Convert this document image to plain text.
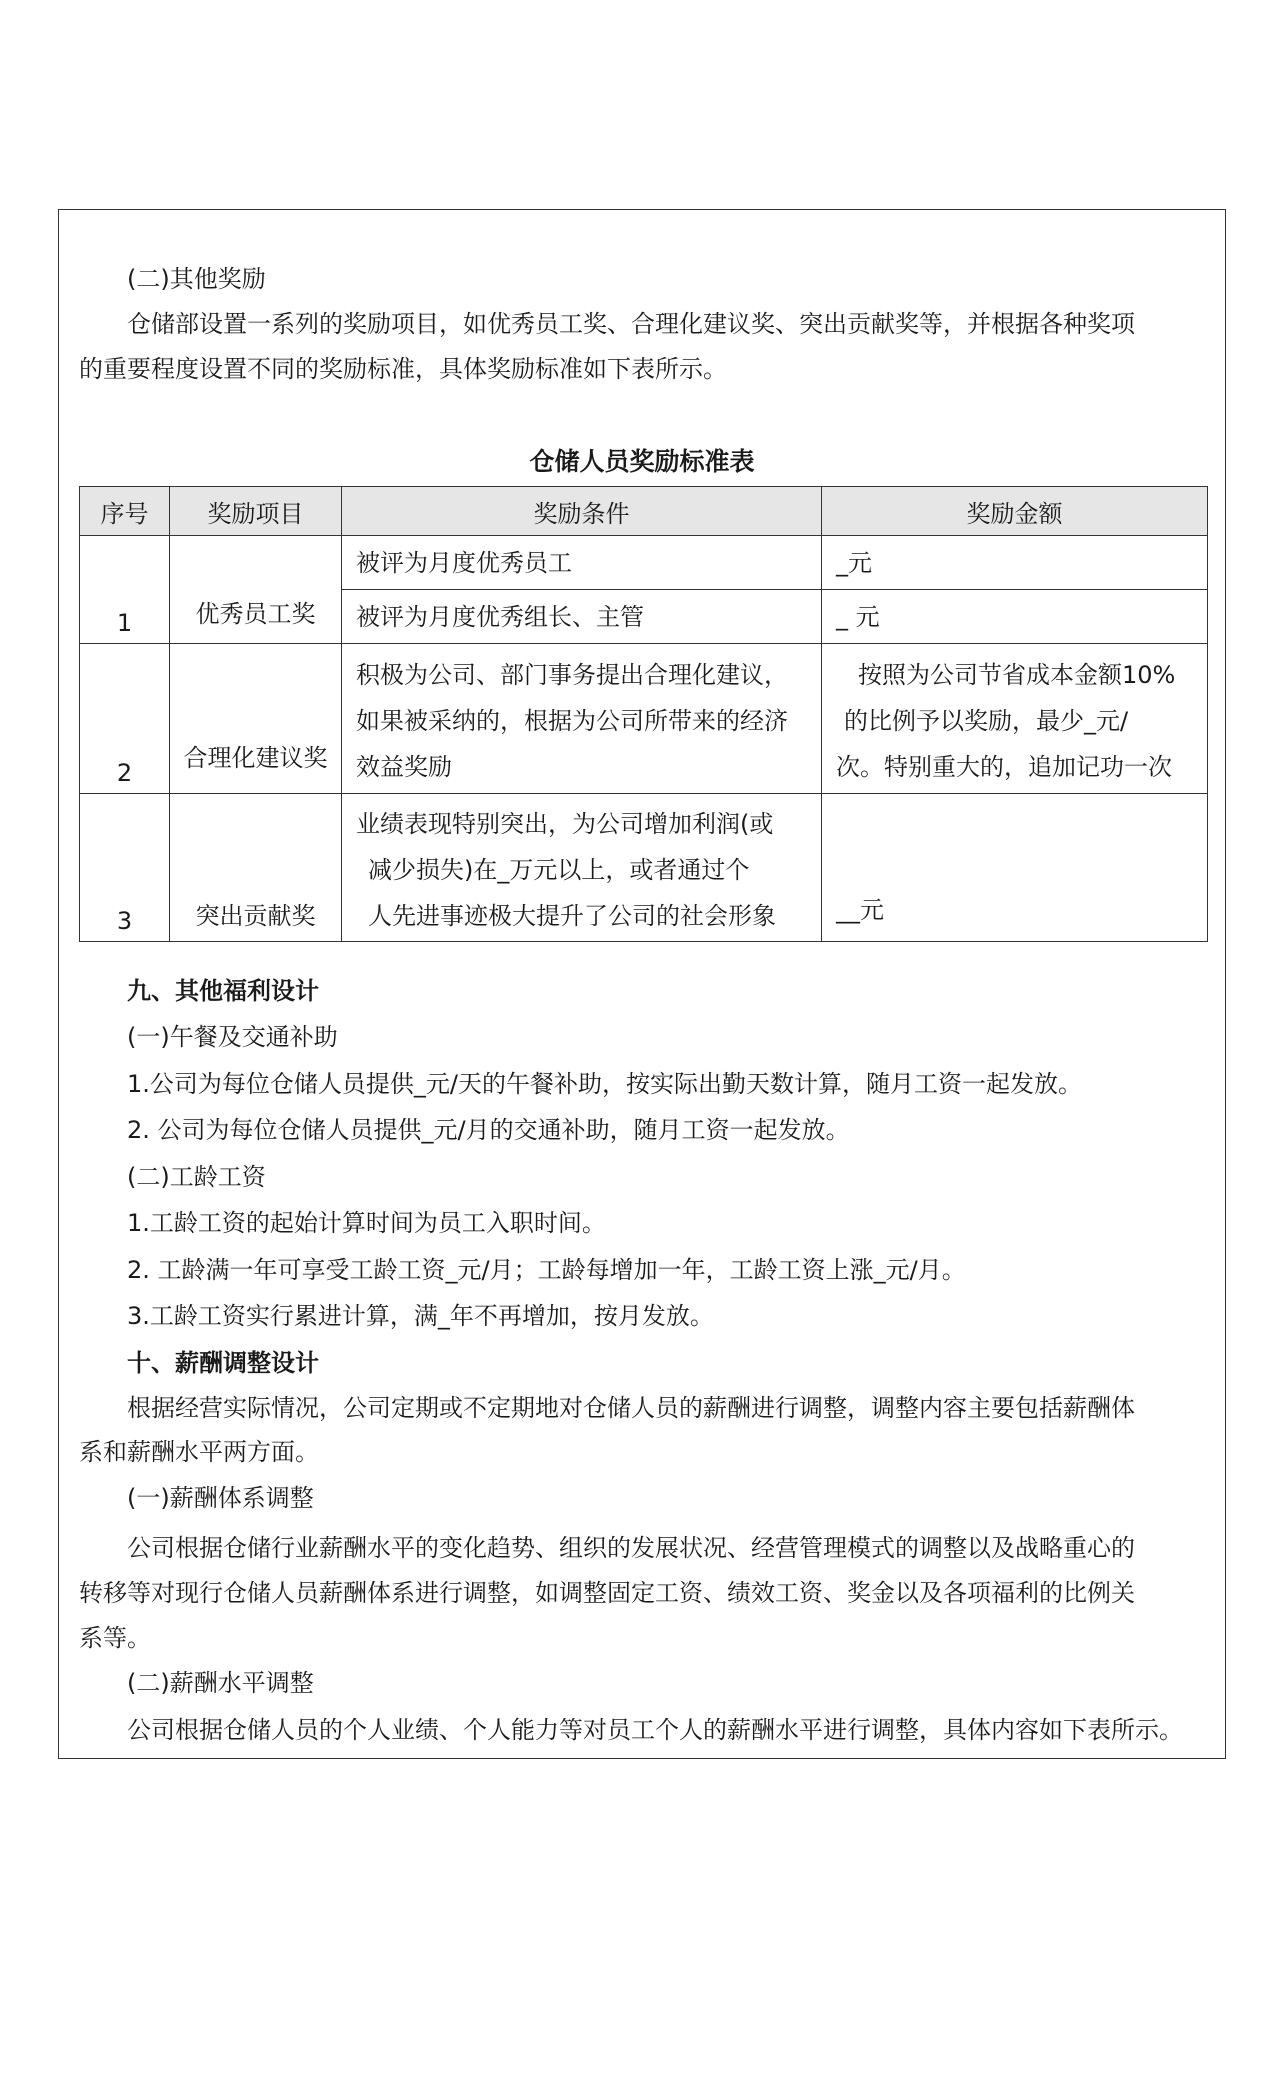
(二)其他奖励
仓储部设置一系列的奖励项目，如优秀员工奖、合理化建议奖、突出贡献奖等，并根据各种奖项
的重要程度设置不同的奖励标准，具体奖励标准如下表所示。
仓储人员奖励标准表
序号	奖励项目	奖励条件	奖励金额
1	优秀员工奖	被评为月度优秀员工	_元
		被评为月度优秀组长、主管	_ 元
2	合理化建议奖	积极为公司、部门事务提出合理化建议，
如果被采纳的，根据为公司所带来的经济
效益奖励	按照为公司节省成本金额10%
的比例予以奖励，最少_元/
次。特别重大的，追加记功一次

3	突出贡献奖	业绩表现特别突出，为公司增加利润(或
减少损失)在_万元以上，或者通过个
人先进事迹极大提升了公司的社会形象	__元
九、其他福利设计
(一)午餐及交通补助
1.公司为每位仓储人员提供_元/天的午餐补助，按实际出勤天数计算，随月工资一起发放。
2. 公司为每位仓储人员提供_元/月的交通补助，随月工资一起发放。
(二)工龄工资
1.工龄工资的起始计算时间为员工入职时间。
2. 工龄满一年可享受工龄工资_元/月；工龄每增加一年，工龄工资上涨_元/月。
3.工龄工资实行累进计算，满_年不再增加，按月发放。
十、薪酬调整设计
根据经营实际情况，公司定期或不定期地对仓储人员的薪酬进行调整，调整内容主要包括薪酬体
系和薪酬水平两方面。
(一)薪酬体系调整
公司根据仓储行业薪酬水平的变化趋势、组织的发展状况、经营管理模式的调整以及战略重心的
转移等对现行仓储人员薪酬体系进行调整，如调整固定工资、绩效工资、奖金以及各项福利的比例关
系等。
(二)薪酬水平调整
公司根据仓储人员的个人业绩、个人能力等对员工个人的薪酬水平进行调整，具体内容如下表所示。
